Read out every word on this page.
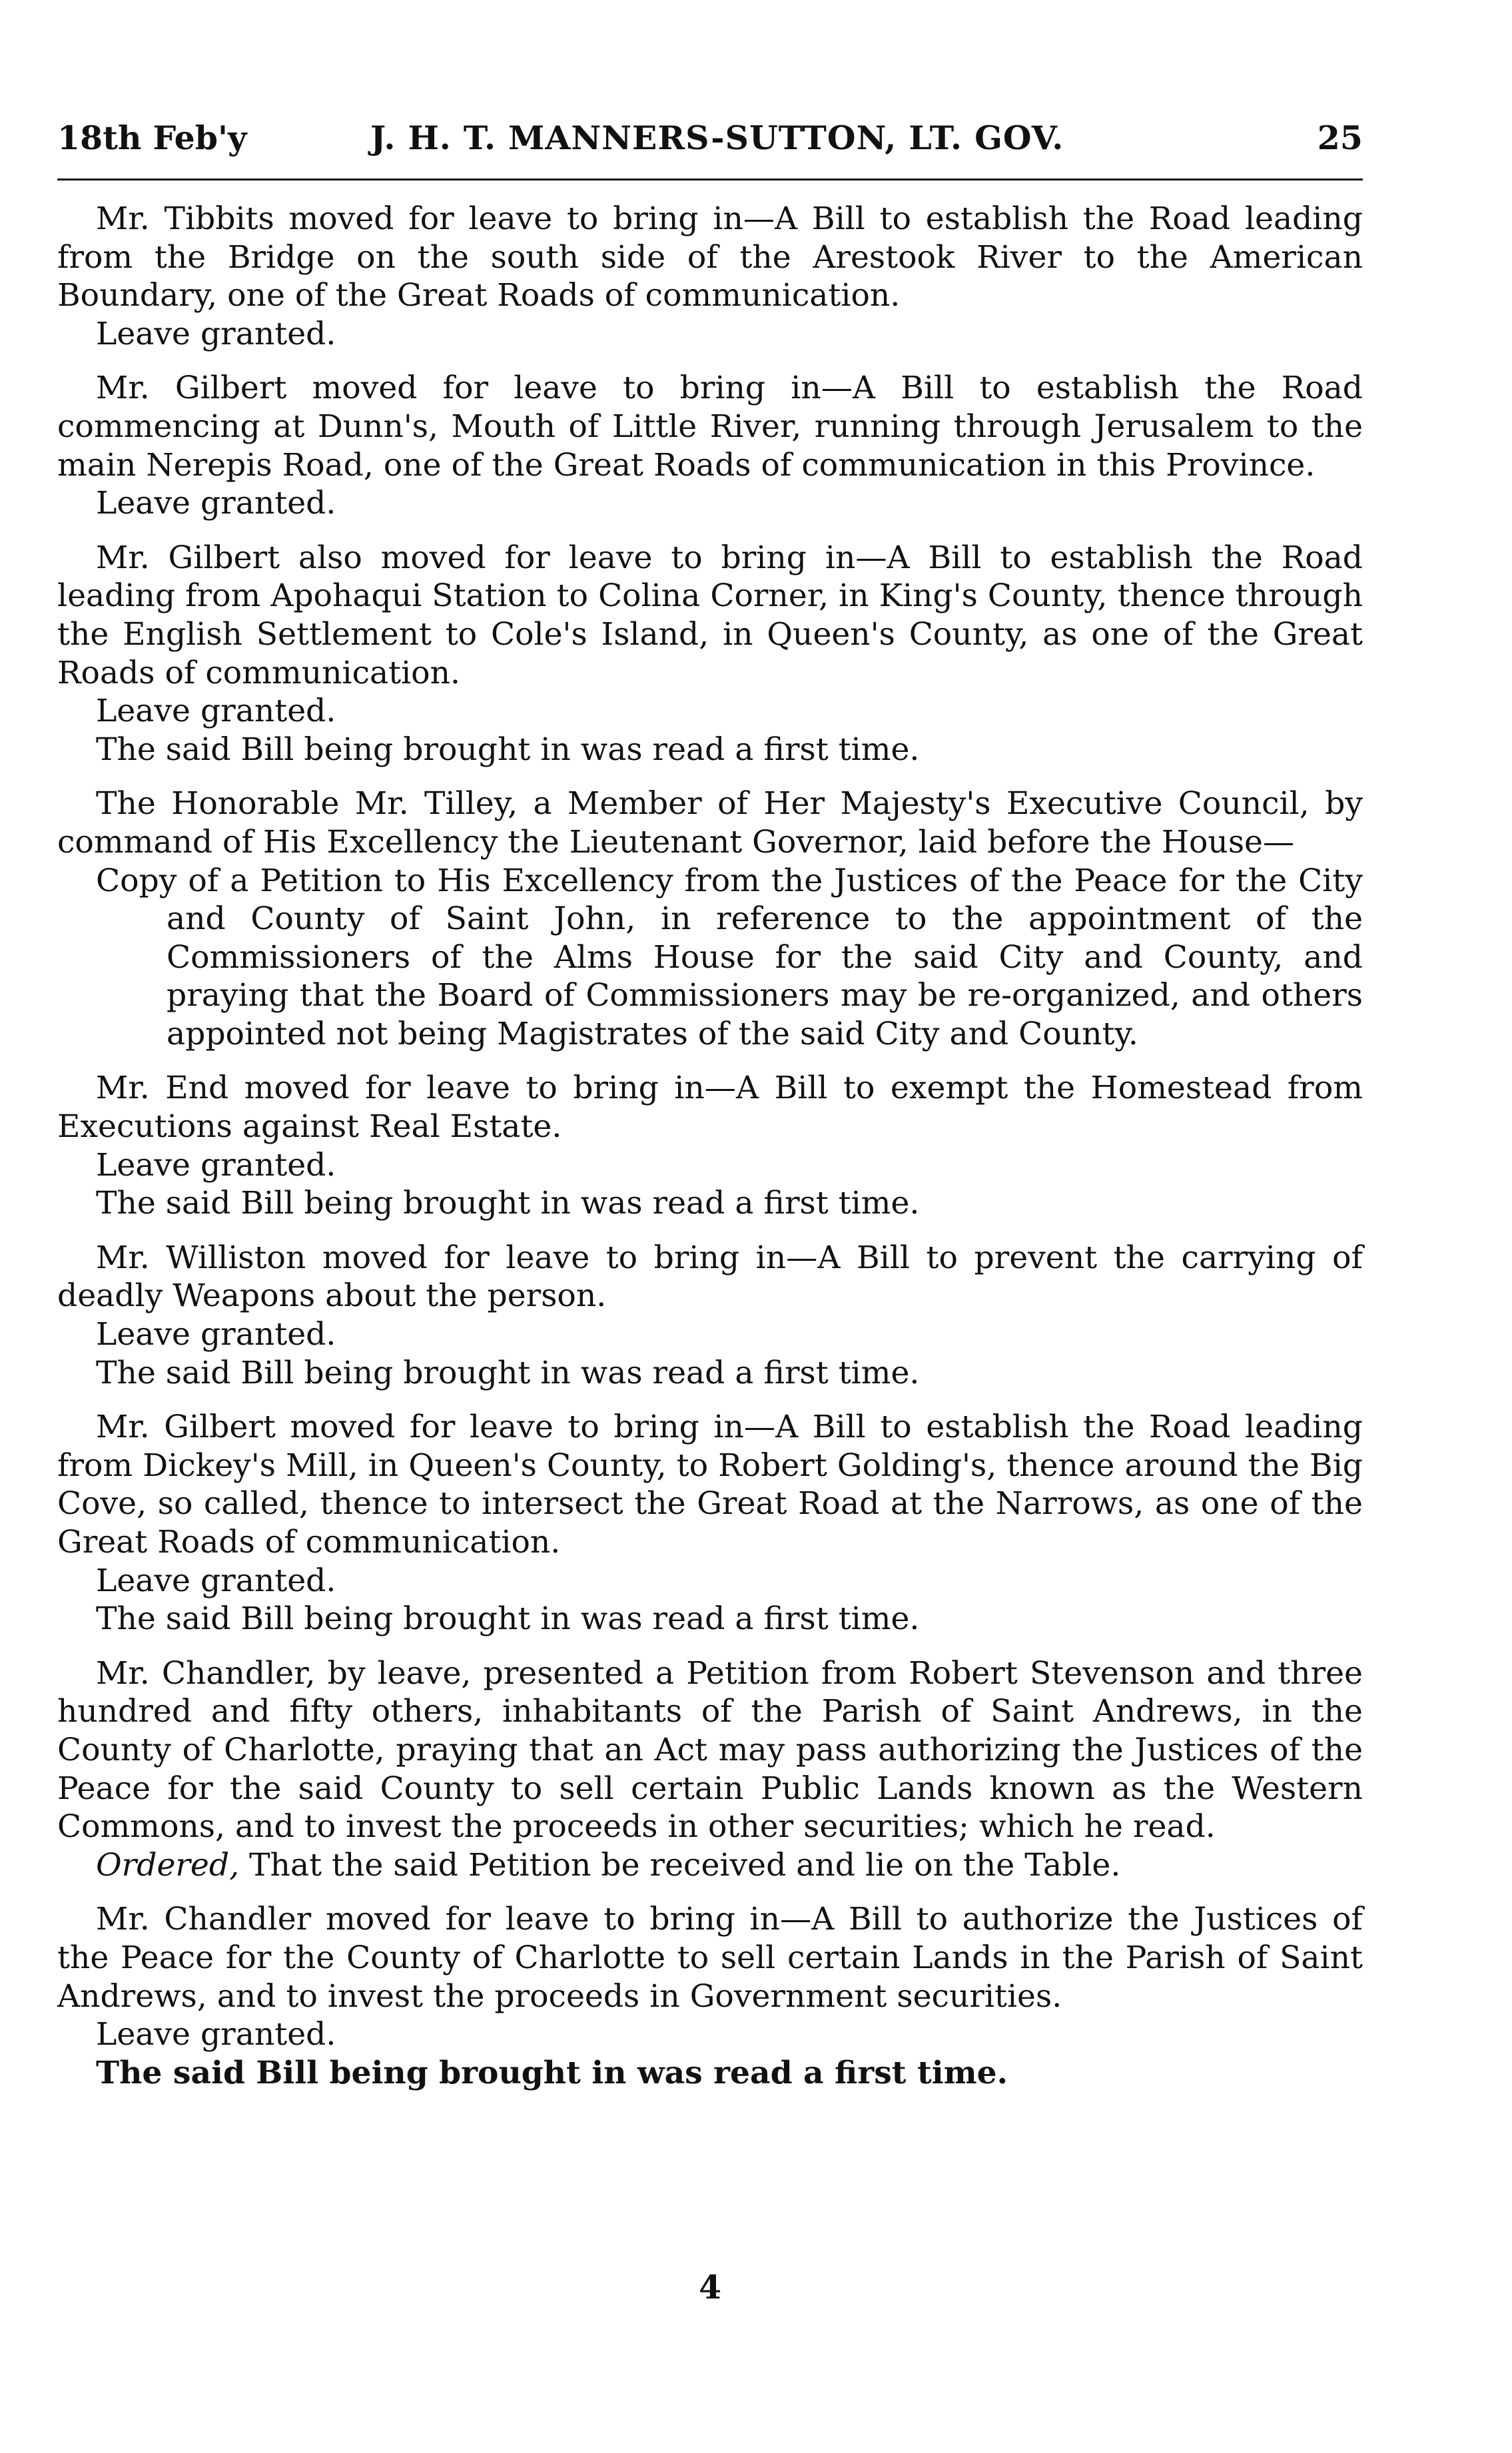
18th Feb'y	J. H. T. MANNERS-SUTTON, LT. GOV.	25

Mr. Tibbits moved for leave to bring in—A Bill to establish the Road leading from the Bridge on the south side of the Arestook River to the American Boundary, one of the Great Roads of communication.

Leave granted.

Mr. Gilbert moved for leave to bring in—A Bill to establish the Road commencing at Dunn's, Mouth of Little River, running through Jerusalem to the main Nerepis Road, one of the Great Roads of communication in this Province.

Leave granted.

Mr. Gilbert also moved for leave to bring in—A Bill to establish the Road leading from Apohaqui Station to Colina Corner, in King's County, thence through the English Settlement to Cole's Island, in Queen's County, as one of the Great Roads of communication.

Leave granted.

The said Bill being brought in was read a first time.

The Honorable Mr. Tilley, a Member of Her Majesty's Executive Council, by command of His Excellency the Lieutenant Governor, laid before the House—

Copy of a Petition to His Excellency from the Justices of the Peace for the City and County of Saint John, in reference to the appointment of the Commissioners of the Alms House for the said City and County, and praying that the Board of Commissioners may be re-organized, and others appointed not being Magistrates of the said City and County.

Mr. End moved for leave to bring in—A Bill to exempt the Homestead from Executions against Real Estate.

Leave granted.

The said Bill being brought in was read a first time.

Mr. Williston moved for leave to bring in—A Bill to prevent the carrying of deadly Weapons about the person.

Leave granted.

The said Bill being brought in was read a first time.

Mr. Gilbert moved for leave to bring in—A Bill to establish the Road leading from Dickey's Mill, in Queen's County, to Robert Golding's, thence around the Big Cove, so called, thence to intersect the Great Road at the Narrows, as one of the Great Roads of communication.

Leave granted.

The said Bill being brought in was read a first time.

Mr. Chandler, by leave, presented a Petition from Robert Stevenson and three hundred and fifty others, inhabitants of the Parish of Saint Andrews, in the County of Charlotte, praying that an Act may pass authorizing the Justices of the Peace for the said County to sell certain Public Lands known as the Western Commons, and to invest the proceeds in other securities; which he read.

Ordered, That the said Petition be received and lie on the Table.

Mr. Chandler moved for leave to bring in—A Bill to authorize the Justices of the Peace for the County of Charlotte to sell certain Lands in the Parish of Saint Andrews, and to invest the proceeds in Government securities.

Leave granted.

The said Bill being brought in was read a first time.

4
